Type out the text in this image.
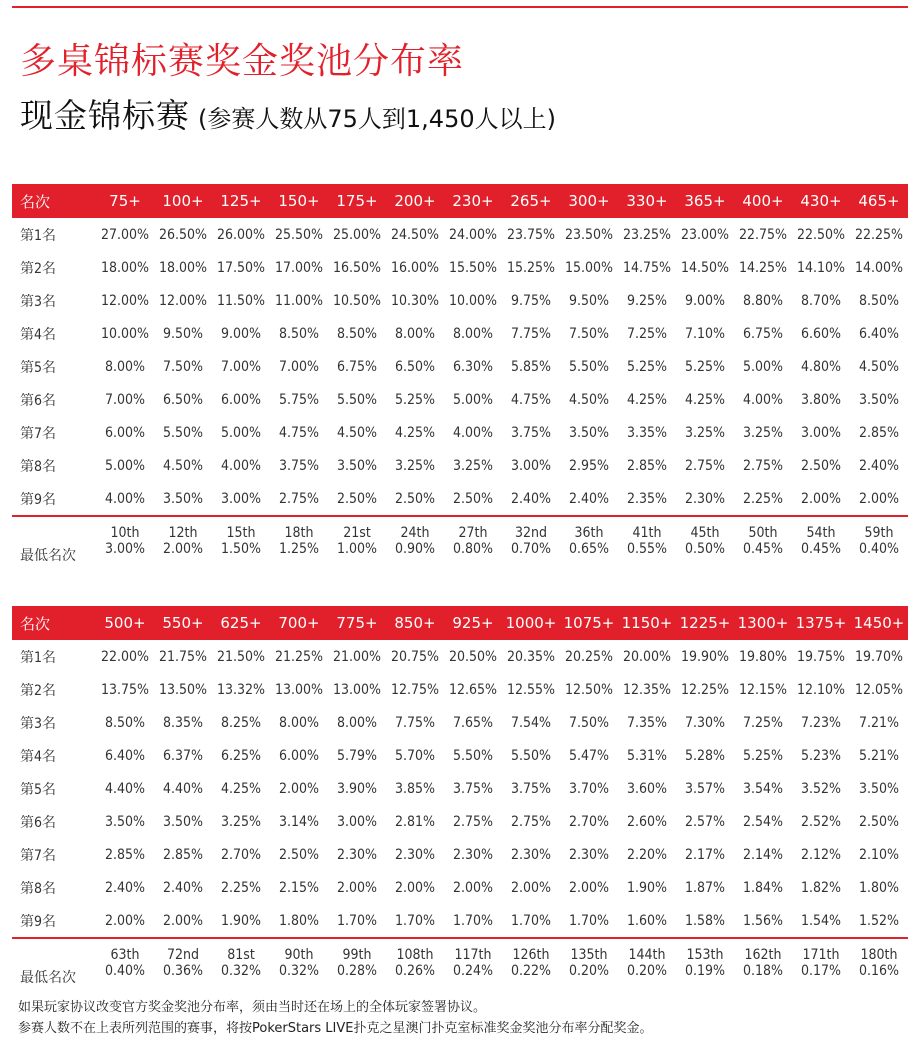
多桌锦标赛奖金奖池分布率
现金锦标赛 (参赛人数从75人到1,450人以上)
名次	75+	100+	125+	150+	175+	200+	230+	265+	300+	330+	365+	400+	430+	465+
第1名	27.00%	26.50%	26.00%	25.50%	25.00%	24.50%	24.00%	23.75%	23.50%	23.25%	23.00%	22.75%	22.50%	22.25%
第2名	18.00%	18.00%	17.50%	17.00%	16.50%	16.00%	15.50%	15.25%	15.00%	14.75%	14.50%	14.25%	14.10%	14.00%
第3名	12.00%	12.00%	11.50%	11.00%	10.50%	10.30%	10.00%	9.75%	9.50%	9.25%	9.00%	8.80%	8.70%	8.50%
第4名	10.00%	9.50%	9.00%	8.50%	8.50%	8.00%	8.00%	7.75%	7.50%	7.25%	7.10%	6.75%	6.60%	6.40%
第5名	8.00%	7.50%	7.00%	7.00%	6.75%	6.50%	6.30%	5.85%	5.50%	5.25%	5.25%	5.00%	4.80%	4.50%
第6名	7.00%	6.50%	6.00%	5.75%	5.50%	5.25%	5.00%	4.75%	4.50%	4.25%	4.25%	4.00%	3.80%	3.50%
第7名	6.00%	5.50%	5.00%	4.75%	4.50%	4.25%	4.00%	3.75%	3.50%	3.35%	3.25%	3.25%	3.00%	2.85%
第8名	5.00%	4.50%	4.00%	3.75%	3.50%	3.25%	3.25%	3.00%	2.95%	2.85%	2.75%	2.75%	2.50%	2.40%
第9名	4.00%	3.50%	3.00%	2.75%	2.50%	2.50%	2.50%	2.40%	2.40%	2.35%	2.30%	2.25%	2.00%	2.00%
最低名次	10th	12th	15th	18th	21st	24th	27th	32nd	36th	41th	45th	50th	54th	59th
	3.00%	2.00%	1.50%	1.25%	1.00%	0.90%	0.80%	0.70%	0.65%	0.55%	0.50%	0.45%	0.45%	0.40%
名次	500+	550+	625+	700+	775+	850+	925+	1000+	1075+	1150+	1225+	1300+	1375+	1450+
第1名	22.00%	21.75%	21.50%	21.25%	21.00%	20.75%	20.50%	20.35%	20.25%	20.00%	19.90%	19.80%	19.75%	19.70%
第2名	13.75%	13.50%	13.32%	13.00%	13.00%	12.75%	12.65%	12.55%	12.50%	12.35%	12.25%	12.15%	12.10%	12.05%
第3名	8.50%	8.35%	8.25%	8.00%	8.00%	7.75%	7.65%	7.54%	7.50%	7.35%	7.30%	7.25%	7.23%	7.21%
第4名	6.40%	6.37%	6.25%	6.00%	5.79%	5.70%	5.50%	5.50%	5.47%	5.31%	5.28%	5.25%	5.23%	5.21%
第5名	4.40%	4.40%	4.25%	2.00%	3.90%	3.85%	3.75%	3.75%	3.70%	3.60%	3.57%	3.54%	3.52%	3.50%
第6名	3.50%	3.50%	3.25%	3.14%	3.00%	2.81%	2.75%	2.75%	2.70%	2.60%	2.57%	2.54%	2.52%	2.50%
第7名	2.85%	2.85%	2.70%	2.50%	2.30%	2.30%	2.30%	2.30%	2.30%	2.20%	2.17%	2.14%	2.12%	2.10%
第8名	2.40%	2.40%	2.25%	2.15%	2.00%	2.00%	2.00%	2.00%	2.00%	1.90%	1.87%	1.84%	1.82%	1.80%
第9名	2.00%	2.00%	1.90%	1.80%	1.70%	1.70%	1.70%	1.70%	1.70%	1.60%	1.58%	1.56%	1.54%	1.52%
最低名次	63th	72nd	81st	90th	99th	108th	117th	126th	135th	144th	153th	162th	171th	180th
	0.40%	0.36%	0.32%	0.32%	0.28%	0.26%	0.24%	0.22%	0.20%	0.20%	0.19%	0.18%	0.17%	0.16%
如果玩家协议改变官方奖金奖池分布率，须由当时还在场上的全体玩家签署协议。
参赛人数不在上表所列范围的赛事，将按PokerStars LIVE扑克之星澳门扑克室标准奖金奖池分布率分配奖金。
